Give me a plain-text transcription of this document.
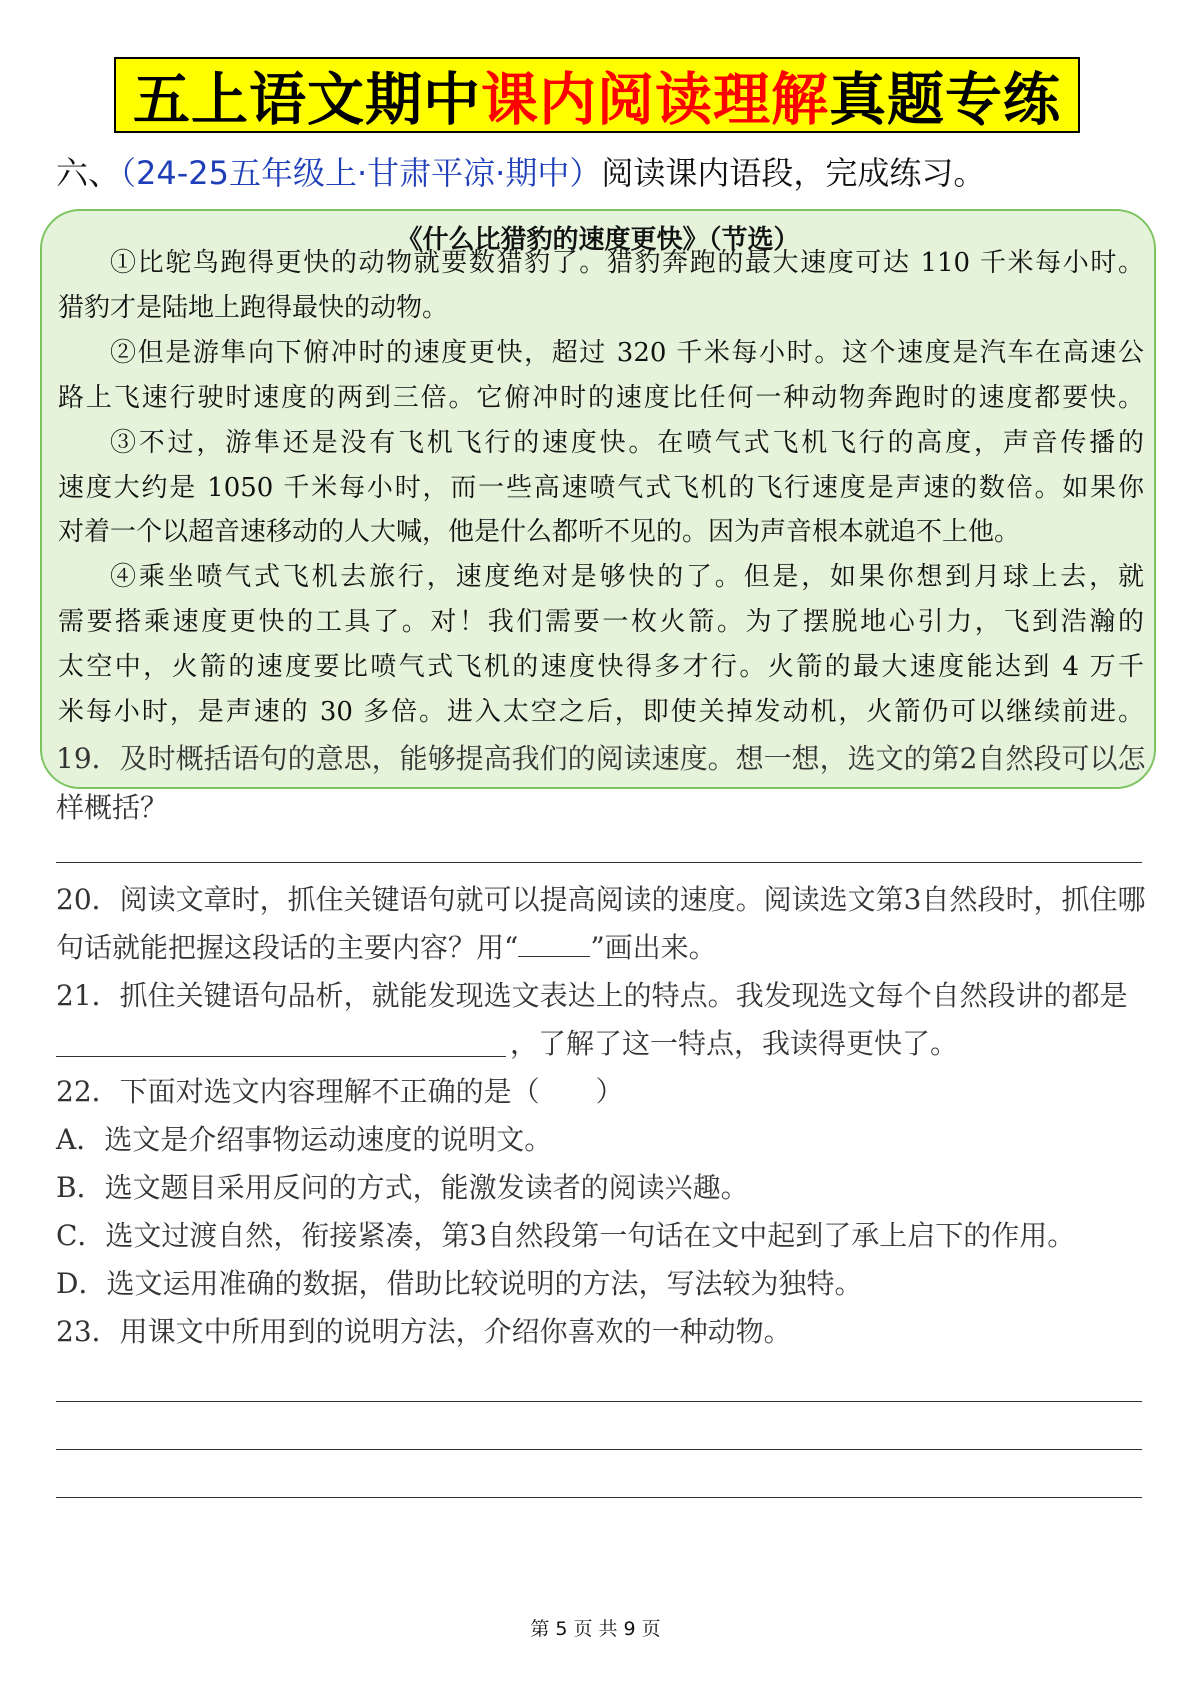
五上语文期中 课内阅读理解 真题专练
六、（24-25五年级上·甘肃平凉·期中）阅读课内语段，完成练习。
《什么比猎豹的速度更快》（节选）
①比鸵鸟跑得更快的动物就要数猎豹了。猎豹奔跑的最大速度可达 110 千米每小时。
猎豹才是陆地上跑得最快的动物。
②但是游隼向下俯冲时的速度更快，超过 320 千米每小时。这个速度是汽车在高速公
路上飞速行驶时速度的两到三倍。它俯冲时的速度比任何一种动物奔跑时的速度都要快。
③不过，游隼还是没有飞机飞行的速度快。在喷气式飞机飞行的高度，声音传播的
速度大约是 1050 千米每小时，而一些高速喷气式飞机的飞行速度是声速的数倍。如果你
对着一个以超音速移动的人大喊，他是什么都听不见的。因为声音根本就追不上他。
④乘坐喷气式飞机去旅行，速度绝对是够快的了。但是，如果你想到月球上去，就
需要搭乘速度更快的工具了。对！我们需要一枚火箭。为了摆脱地心引力，飞到浩瀚的
太空中，火箭的速度要比喷气式飞机的速度快得多才行。火箭的最大速度能达到 4 万千
米每小时，是声速的 30 多倍。进入太空之后，即使关掉发动机，火箭仍可以继续前进。
19．及时概括语句的意思，能够提高我们的阅读速度。想一想，选文的第2自然段可以怎
样概括？
20．阅读文章时，抓住关键语句就可以提高阅读的速度。阅读选文第3自然段时，抓住哪
句话就能把握这段话的主要内容？用“	”画出来。
21．抓住关键语句品析，就能发现选文表达上的特点。我发现选文每个自然段讲的都是
，了解了这一特点，我读得更快了。
22．下面对选文内容理解不正确的是（　　）
A．选文是介绍事物运动速度的说明文。
B．选文题目采用反问的方式，能激发读者的阅读兴趣。
C．选文过渡自然，衔接紧凑，第3自然段第一句话在文中起到了承上启下的作用。
D．选文运用准确的数据，借助比较说明的方法，写法较为独特。
23．用课文中所用到的说明方法，介绍你喜欢的一种动物。
第 5 页 共 9 页
